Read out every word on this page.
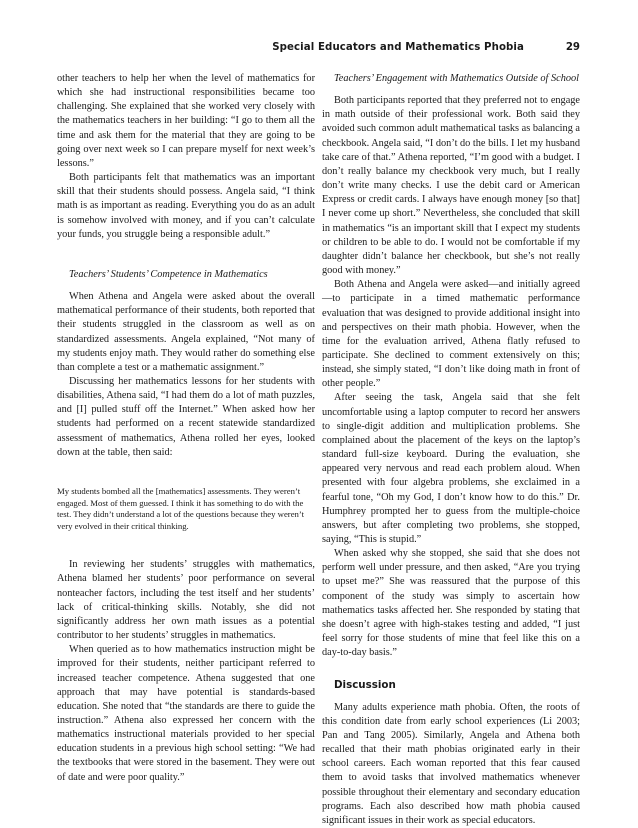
Special Educators and Mathematics Phobia	29

other teachers to help her when the level of mathematics for which she had instructional responsibilities became too challenging. She explained that she worked very closely with the mathematics teachers in her building: “I go to them all the time and ask them for the material that they are going to be going over next week so I can prepare myself for next week’s lessons.”

Both participants felt that mathematics was an important skill that their students should possess. Angela said, “I think math is as important as reading. Everything you do as an adult is somehow involved with money, and if you can’t calculate your funds, you struggle being a responsible adult.”

Teachers’ Students’ Competence in Mathematics

When Athena and Angela were asked about the overall mathematical performance of their students, both reported that their students struggled in the classroom as well as on standardized assessments. Angela explained, “Not many of my students enjoy math. They would rather do something else than complete a test or a mathematic assignment.”

Discussing her mathematics lessons for her students with disabilities, Athena said, “I had them do a lot of math puzzles, and [I] pulled stuff off the Internet.” When asked how her students had performed on a recent statewide standardized assessment of mathematics, Athena rolled her eyes, looked down at the table, then said:

My students bombed all the [mathematics] assessments. They weren’t engaged. Most of them guessed. I think it has something to do with the test. They didn’t understand a lot of the questions because they weren’t very evolved in their critical thinking.

In reviewing her students’ struggles with mathematics, Athena blamed her students’ poor performance on several nonteacher factors, including the test itself and her students’ lack of critical-thinking skills. Notably, she did not significantly address her own math issues as a potential contributor to her students’ struggles in mathematics.

When queried as to how mathematics instruction might be improved for their students, neither participant referred to increased teacher competence. Athena suggested that one approach that may have potential is standards-based education. She noted that “the standards are there to guide the instruction.” Athena also expressed her concern with the mathematics instructional materials provided to her special education students in a previous high school setting: “We had the textbooks that were stored in the basement. They were out of date and were poor quality.”

Teachers’ Engagement with Mathematics Outside of School

Both participants reported that they preferred not to engage in math outside of their professional work. Both said they avoided such common adult mathematical tasks as balancing a checkbook. Angela said, “I don’t do the bills. I let my husband take care of that.” Athena reported, “I’m good with a budget. I don’t really balance my checkbook very much, but I really don’t write many checks. I use the debit card or American Express or credit cards. I always have enough money [so that] I never come up short.” Nevertheless, she concluded that skill in mathematics “is an important skill that I expect my students or children to be able to do. I would not be comfortable if my daughter didn’t balance her checkbook, but she’s not really good with money.”

Both Athena and Angela were asked—and initially agreed—to participate in a timed mathematic performance evaluation that was designed to provide additional insight into and perspectives on their math phobia. However, when the time for the evaluation arrived, Athena flatly refused to participate. She declined to comment extensively on this; instead, she simply stated, “I don’t like doing math in front of other people.”

After seeing the task, Angela said that she felt uncomfortable using a laptop computer to record her answers to single-digit addition and multiplication problems. She complained about the placement of the keys on the laptop’s standard full-size keyboard. During the evaluation, she appeared very nervous and read each problem aloud. When presented with four algebra problems, she exclaimed in a fearful tone, “Oh my God, I don’t know how to do this.” Dr. Humphrey prompted her to guess from the multiple-choice answers, but after completing two problems, she stopped, saying, “This is stupid.”

When asked why she stopped, she said that she does not perform well under pressure, and then asked, “Are you trying to upset me?” She was reassured that the purpose of this component of the study was simply to ascertain how mathematics tasks affected her. She responded by stating that she doesn’t agree with high-stakes testing and added, “I just feel sorry for those students of mine that feel like this on a day-to-day basis.”

Discussion

Many adults experience math phobia. Often, the roots of this condition date from early school experiences (Li 2003; Pan and Tang 2005). Similarly, Angela and Athena both recalled that their math phobias originated early in their school careers. Each woman reported that this fear caused them to avoid tasks that involved mathematics whenever possible throughout their elementary and secondary education programs. Each also described how math phobia caused significant issues in their work as special educators.
